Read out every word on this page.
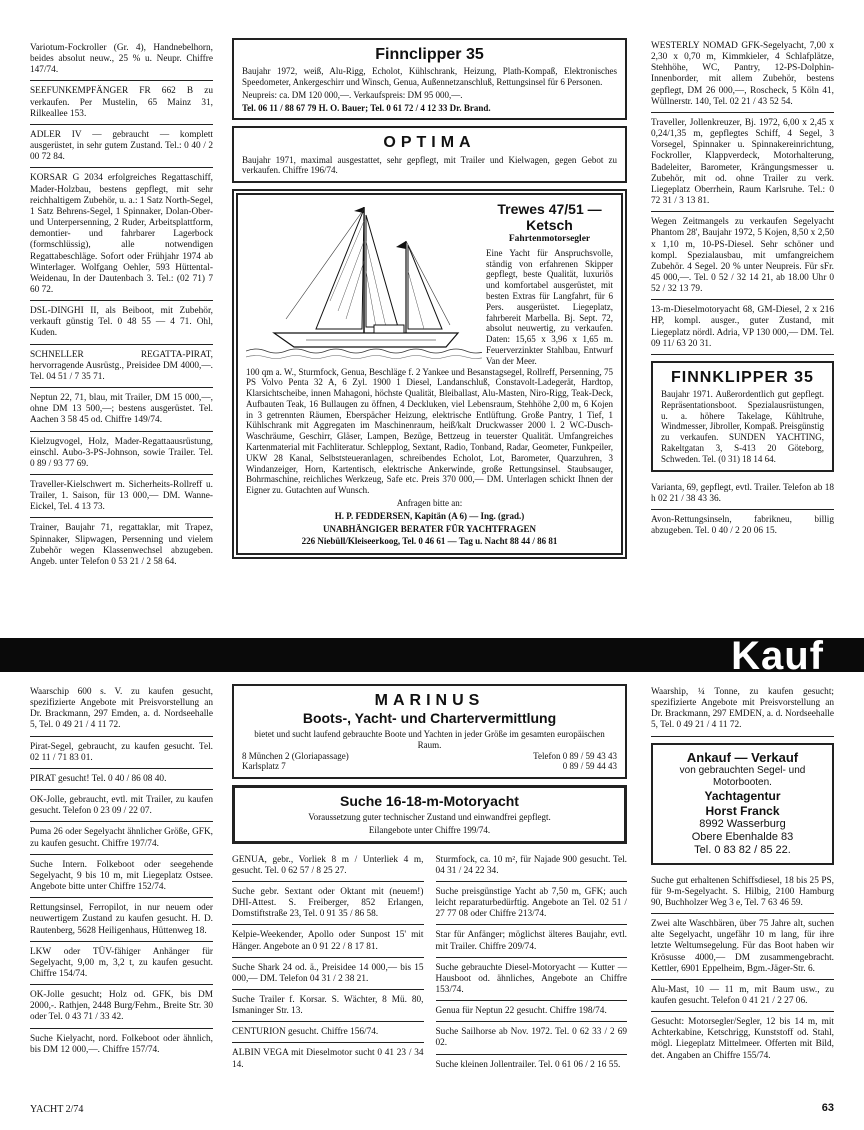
Variotum-Fockroller (Gr. 4), Handnebelhorn, beides absolut neuw., 25 % u. Neupr. Chiffre 147/74.

SEEFUNKEMPFÄNGER FR 662 B zu verkaufen. Per Mustelin, 65 Mainz 31, Rilkeallee 153.

ADLER IV — gebraucht — komplett ausgerüstet, in sehr gutem Zustand. Tel.: 0 40 / 2 00 72 84.

KORSAR G 2034 erfolgreiches Regattaschiff, Mader-Holzbau, bestens gepflegt, mit sehr reichhaltigem Zubehör, u. a.: 1 Satz North-Segel, 1 Satz Behrens-Segel, 1 Spinnaker, Dolan-Ober- und Unterpersenning, 2 Ruder, Arbeitsplattform, demontier- und fahrbarer Lagerbock (formschlüssig), alle notwendigen Regattabeschläge. Sofort oder Frühjahr 1974 ab Winterlager. Wolfgang Oehler, 593 Hüttental-Weidenau, In der Dautenbach 3. Tel.: (02 71) 7 60 72.

DSL-DINGHI II, als Beiboot, mit Zubehör, verkauft günstig Tel. 0 48 55 — 4 71. Ohl, Kuden.

SCHNELLER REGATTA-PIRAT, hervorragende Ausrüstg., Preisidee DM 4000,—. Tel. 04 51 / 7 35 71.

Neptun 22, 71, blau, mit Trailer, DM 15 000,—, ohne DM 13 500,—; bestens ausgerüstet. Tel. Aachen 3 58 45 od. Chiffre 149/74.

Kielzugvogel, Holz, Mader-Regattaausrüstung, einschl. Aubo-3-PS-Johnson, sowie Trailer. Tel. 0 89 / 93 77 69.

Traveller-Kielschwert m. Sicherheits-Rollreff u. Trailer, 1. Saison, für 13 000,— DM. Wanne-Eickel, Tel. 4 13 73.

Trainer, Baujahr 71, regattaklar, mit Trapez, Spinnaker, Slipwagen, Persenning und vielem Zubehör wegen Klassenwechsel abzugeben. Angeb. unter Telefon 0 53 21 / 2 58 64.

Finnclipper 35

Baujahr 1972, weiß, Alu-Rigg, Echolot, Kühlschrank, Heizung, Plath-Kompaß, Elektronisches Speedometer, Ankergeschirr und Winsch, Genua, Außennetzanschluß, Rettungsinsel für 6 Personen.

Neupreis: ca. DM 120 000,—. Verkaufspreis: DM 95 000,—.

Tel. 06 11 / 88 67 79 H. O. Bauer; Tel. 0 61 72 / 4 12 33 Dr. Brand.

OPTIMA

Baujahr 1971, maximal ausgestattet, sehr gepflegt, mit Trailer und Kielwagen, gegen Gebot zu verkaufen. Chiffre 196/74.

Trewes 47/51 —
Ketsch
Fahrtenmotorsegler

Eine Yacht für Anspruchsvolle, ständig von erfahrenen Skipper gepflegt, beste Qualität, luxuriös und komfortabel ausgerüstet, mit besten Extras für Langfahrt, für 6 Pers. ausgerüstet. Liegeplatz, fahrbereit Marbella. Bj. Sept. 72, absolut neuwertig, zu verkaufen. Daten: 15,65 x 3,96 x 1,65 m. Feuerverzinkter Stahlbau, Entwurf Van der Meer.

100 qm a. W., Sturmfock, Genua, Beschläge f. 2 Yankee und Besanstagsegel, Rollreff, Persenning, 75 PS Volvo Penta 32 A, 6 Zyl. 1900 1 Diesel, Landanschluß, Constavolt-Ladegerät, Hardtop, Klarsichtscheibe, innen Mahagoni, höchste Qualität, Bleiballast, Alu-Masten, Niro-Rigg, Teak-Deck, Aufbauten Teak, 16 Bullaugen zu öffnen, 4 Deckluken, viel Lebensraum, Stehhöhe 2,00 m, 6 Kojen in 3 getrennten Räumen, Eberspächer Heizung, elektrische Entlüftung. Große Pantry, 1 Tief, 1 Kühlschrank mit Aggregaten im Maschinenraum, heiß/kalt Druckwasser 2000 l. 2 WC-Dusch-Waschräume, Geschirr, Gläser, Lampen, Bezüge, Bettzeug in teuerster Qualität. Umfangreiches Kartenmaterial mit Fachliteratur. Schlepplog, Sextant, Radio, Tonband, Radar, Geometer, Funkpeiler, UKW 28 Kanal, Selbststeueranlagen, schreibendes Echolot, Lot, Barometer, Quarzuhren, 3 Windanzeiger, Horn, Kartentisch, elektrische Ankerwinde, große Rettungsinsel. Staubsauger, Bohrmaschine, reichliches Werkzeug, Safe etc. Preis 370 000,— DM. Unterlagen schickt Ihnen der Eigner zu. Gutachten auf Wunsch.

Anfragen bitte an:
H. P. FEDDERSEN, Kapitän (A 6) — Ing. (grad.)
UNABHÄNGIGER BERATER FÜR YACHTFRAGEN
226 Niebüll/Kleiseerkoog, Tel. 0 46 61 — Tag u. Nacht 88 44 / 86 81

WESTERLY NOMAD GFK-Segelyacht, 7,00 x 2,30 x 0,70 m, Kimmkieler, 4 Schlafplätze, Stehhöhe, WC, Pantry, 12-PS-Dolphin-Innenborder, mit allem Zubehör, bestens gepflegt, DM 26 000,—, Roscheck, 5 Köln 41, Wüllnerstr. 140, Tel. 02 21 / 43 52 54.

Traveller, Jollenkreuzer, Bj. 1972, 6,00 x 2,45 x 0,24/1,35 m, gepflegtes Schiff, 4 Segel, 3 Vorsegel, Spinnaker u. Spinnakereinrichtung, Fockroller, Klappverdeck, Motorhalterung, Badeleiter, Barometer, Krängungsmesser u. Zubehör, mit od. ohne Trailer zu verk. Liegeplatz Oberrhein, Raum Karlsruhe. Tel.: 0 72 31 / 3 13 81.

Wegen Zeitmangels zu verkaufen Segelyacht Phantom 28', Baujahr 1972, 5 Kojen, 8,50 x 2,50 x 1,10 m, 10-PS-Diesel. Sehr schöner und kompl. Spezialausbau, mit umfangreichem Zubehör. 4 Segel. 20 % unter Neupreis. Für sFr. 45 000,—. Tel. 0 52 / 32 14 21, ab 18.00 Uhr 0 52 / 32 13 79.

13-m-Dieselmotoryacht 68, GM-Diesel, 2 x 216 HP, kompl. ausger., guter Zustand, mit Liegeplatz nördl. Adria, VP 130 000,— DM. Tel. 09 11/ 63 20 31.

FINNKLIPPER 35

Baujahr 1971. Außerordentlich gut gepflegt. Repräsentationsboot. Spezialausrüstungen, u. a. höhere Takelage, Kühltruhe, Windmesser, Jibroller, Kompaß. Preisgünstig zu verkaufen. SUNDEN YACHTING, Rakeltgatan 3, S-413 20 Göteborg, Schweden. Tel. (0 31) 18 14 64.

Varianta, 69, gepflegt, evtl. Trailer. Telefon ab 18 h 02 21 / 38 43 36.

Avon-Rettungsinseln, fabrikneu, billig abzugeben. Tel. 0 40 / 2 20 06 15.

Kauf

Waarschip 600 s. V. zu kaufen gesucht, spezifizierte Angebote mit Preisvorstellung an Dr. Brackmann, 297 Emden, a. d. Nordseehalle 5, Tel. 0 49 21 / 4 11 72.

Pirat-Segel, gebraucht, zu kaufen gesucht. Tel. 02 11 / 71 83 01.

PIRAT gesucht! Tel. 0 40 / 86 08 40.

OK-Jolle, gebraucht, evtl. mit Trailer, zu kaufen gesucht. Telefon 0 23 09 / 22 07.

Puma 26 oder Segelyacht ähnlicher Größe, GFK, zu kaufen gesucht. Chiffre 197/74.

Suche Intern. Folkeboot oder seegehende Segelyacht, 9 bis 10 m, mit Liegeplatz Ostsee. Angebote bitte unter Chiffre 152/74.

Rettungsinsel, Ferropilot, in nur neuem oder neuwertigem Zustand zu kaufen gesucht. H. D. Rautenberg, 5628 Heiligenhaus, Hüttenweg 18.

LKW oder TÜV-fähiger Anhänger für Segelyacht, 9,00 m, 3,2 t, zu kaufen gesucht. Chiffre 154/74.

OK-Jolle gesucht; Holz od. GFK, bis DM 2000,-. Rathjen, 2448 Burg/Fehm., Breite Str. 30 oder Tel. 0 43 71 / 33 42.

Suche Kielyacht, nord. Folkeboot oder ähnlich, bis DM 12 000,—. Chiffre 157/74.

MARINUS
Boots-, Yacht- und Chartervermittlung

bietet und sucht laufend gebrauchte Boote und Yachten in jeder Größe im gesamten europäischen Raum.

8 München 2 (Gloriapassage)	Telefon 0 89 / 59 43 43
Karlsplatz 7	0 89 / 59 44 43
Suche 16-18-m-Motoryacht

Voraussetzung guter technischer Zustand und einwandfrei gepflegt.

Eilangebote unter Chiffre 199/74.

GENUA, gebr., Vorliek 8 m / Unterliek 4 m, gesucht. Tel. 0 62 57 / 8 25 27.

Suche gebr. Sextant oder Oktant mit (neuem!) DHI-Attest. S. Freiberger, 852 Erlangen, Domstiftstraße 23, Tel. 0 91 35 / 86 58.

Kelpie-Weekender, Apollo oder Sunpost 15' mit Hänger. Angebote an 0 91 22 / 8 17 81.

Suche Shark 24 od. ä., Preisidee 14 000,— bis 15 000,— DM. Telefon 04 31 / 2 38 21.

Suche Trailer f. Korsar. S. Wächter, 8 Mü. 80, Ismaninger Str. 13.

CENTURION gesucht. Chiffre 156/74.

ALBIN VEGA mit Dieselmotor sucht 0 41 23 / 34 14.

Sturmfock, ca. 10 m², für Najade 900 gesucht. Tel. 04 31 / 24 22 34.

Suche preisgünstige Yacht ab 7,50 m, GFK; auch leicht reparaturbedürftig. Angebote an Tel. 02 51 / 27 77 08 oder Chiffre 213/74.

Star für Anfänger; möglichst älteres Baujahr, evtl. mit Trailer. Chiffre 209/74.

Suche gebrauchte Diesel-Motoryacht — Kutter — Hausboot od. ähnliches, Angebote an Chiffre 153/74.

Genua für Neptun 22 gesucht. Chiffre 198/74.

Suche Sailhorse ab Nov. 1972. Tel. 0 62 33 / 2 69 02.

Suche kleinen Jollentrailer. Tel. 0 61 06 / 2 16 55.

Waarship, ¼ Tonne, zu kaufen gesucht; spezifizierte Angebote mit Preisvorstellung an Dr. Brackmann, 297 EMDEN, a. d. Nordseehalle 5, Tel. 0 49 21 / 4 11 72.

Ankauf — Verkauf
von gebrauchten Segel- und Motorbooten.
Yachtagentur
Horst Franck
8992 Wasserburg
Obere Ebenhalde 83
Tel. 0 83 82 / 85 22.

Suche gut erhaltenen Schiffsdiesel, 18 bis 25 PS, für 9-m-Segelyacht. S. Hilbig, 2100 Hamburg 90, Buchholzer Weg 3 e, Tel. 7 63 46 59.

Zwei alte Waschbären, über 75 Jahre alt, suchen alte Segelyacht, ungefähr 10 m lang, für ihre letzte Weltumsegelung. Für das Boot haben wir Krösusse 4000,— DM zusammengebracht. Kettler, 6901 Eppelheim, Bgm.-Jäger-Str. 6.

Alu-Mast, 10 — 11 m, mit Baum usw., zu kaufen gesucht. Telefon 0 41 21 / 2 27 06.

Gesucht: Motorsegler/Segler, 12 bis 14 m, mit Achterkabine, Ketschrigg, Kunststoff od. Stahl, mögl. Liegeplatz Mittelmeer. Offerten mit Bild, det. Angaben an Chiffre 155/74.

YACHT 2/74	63
